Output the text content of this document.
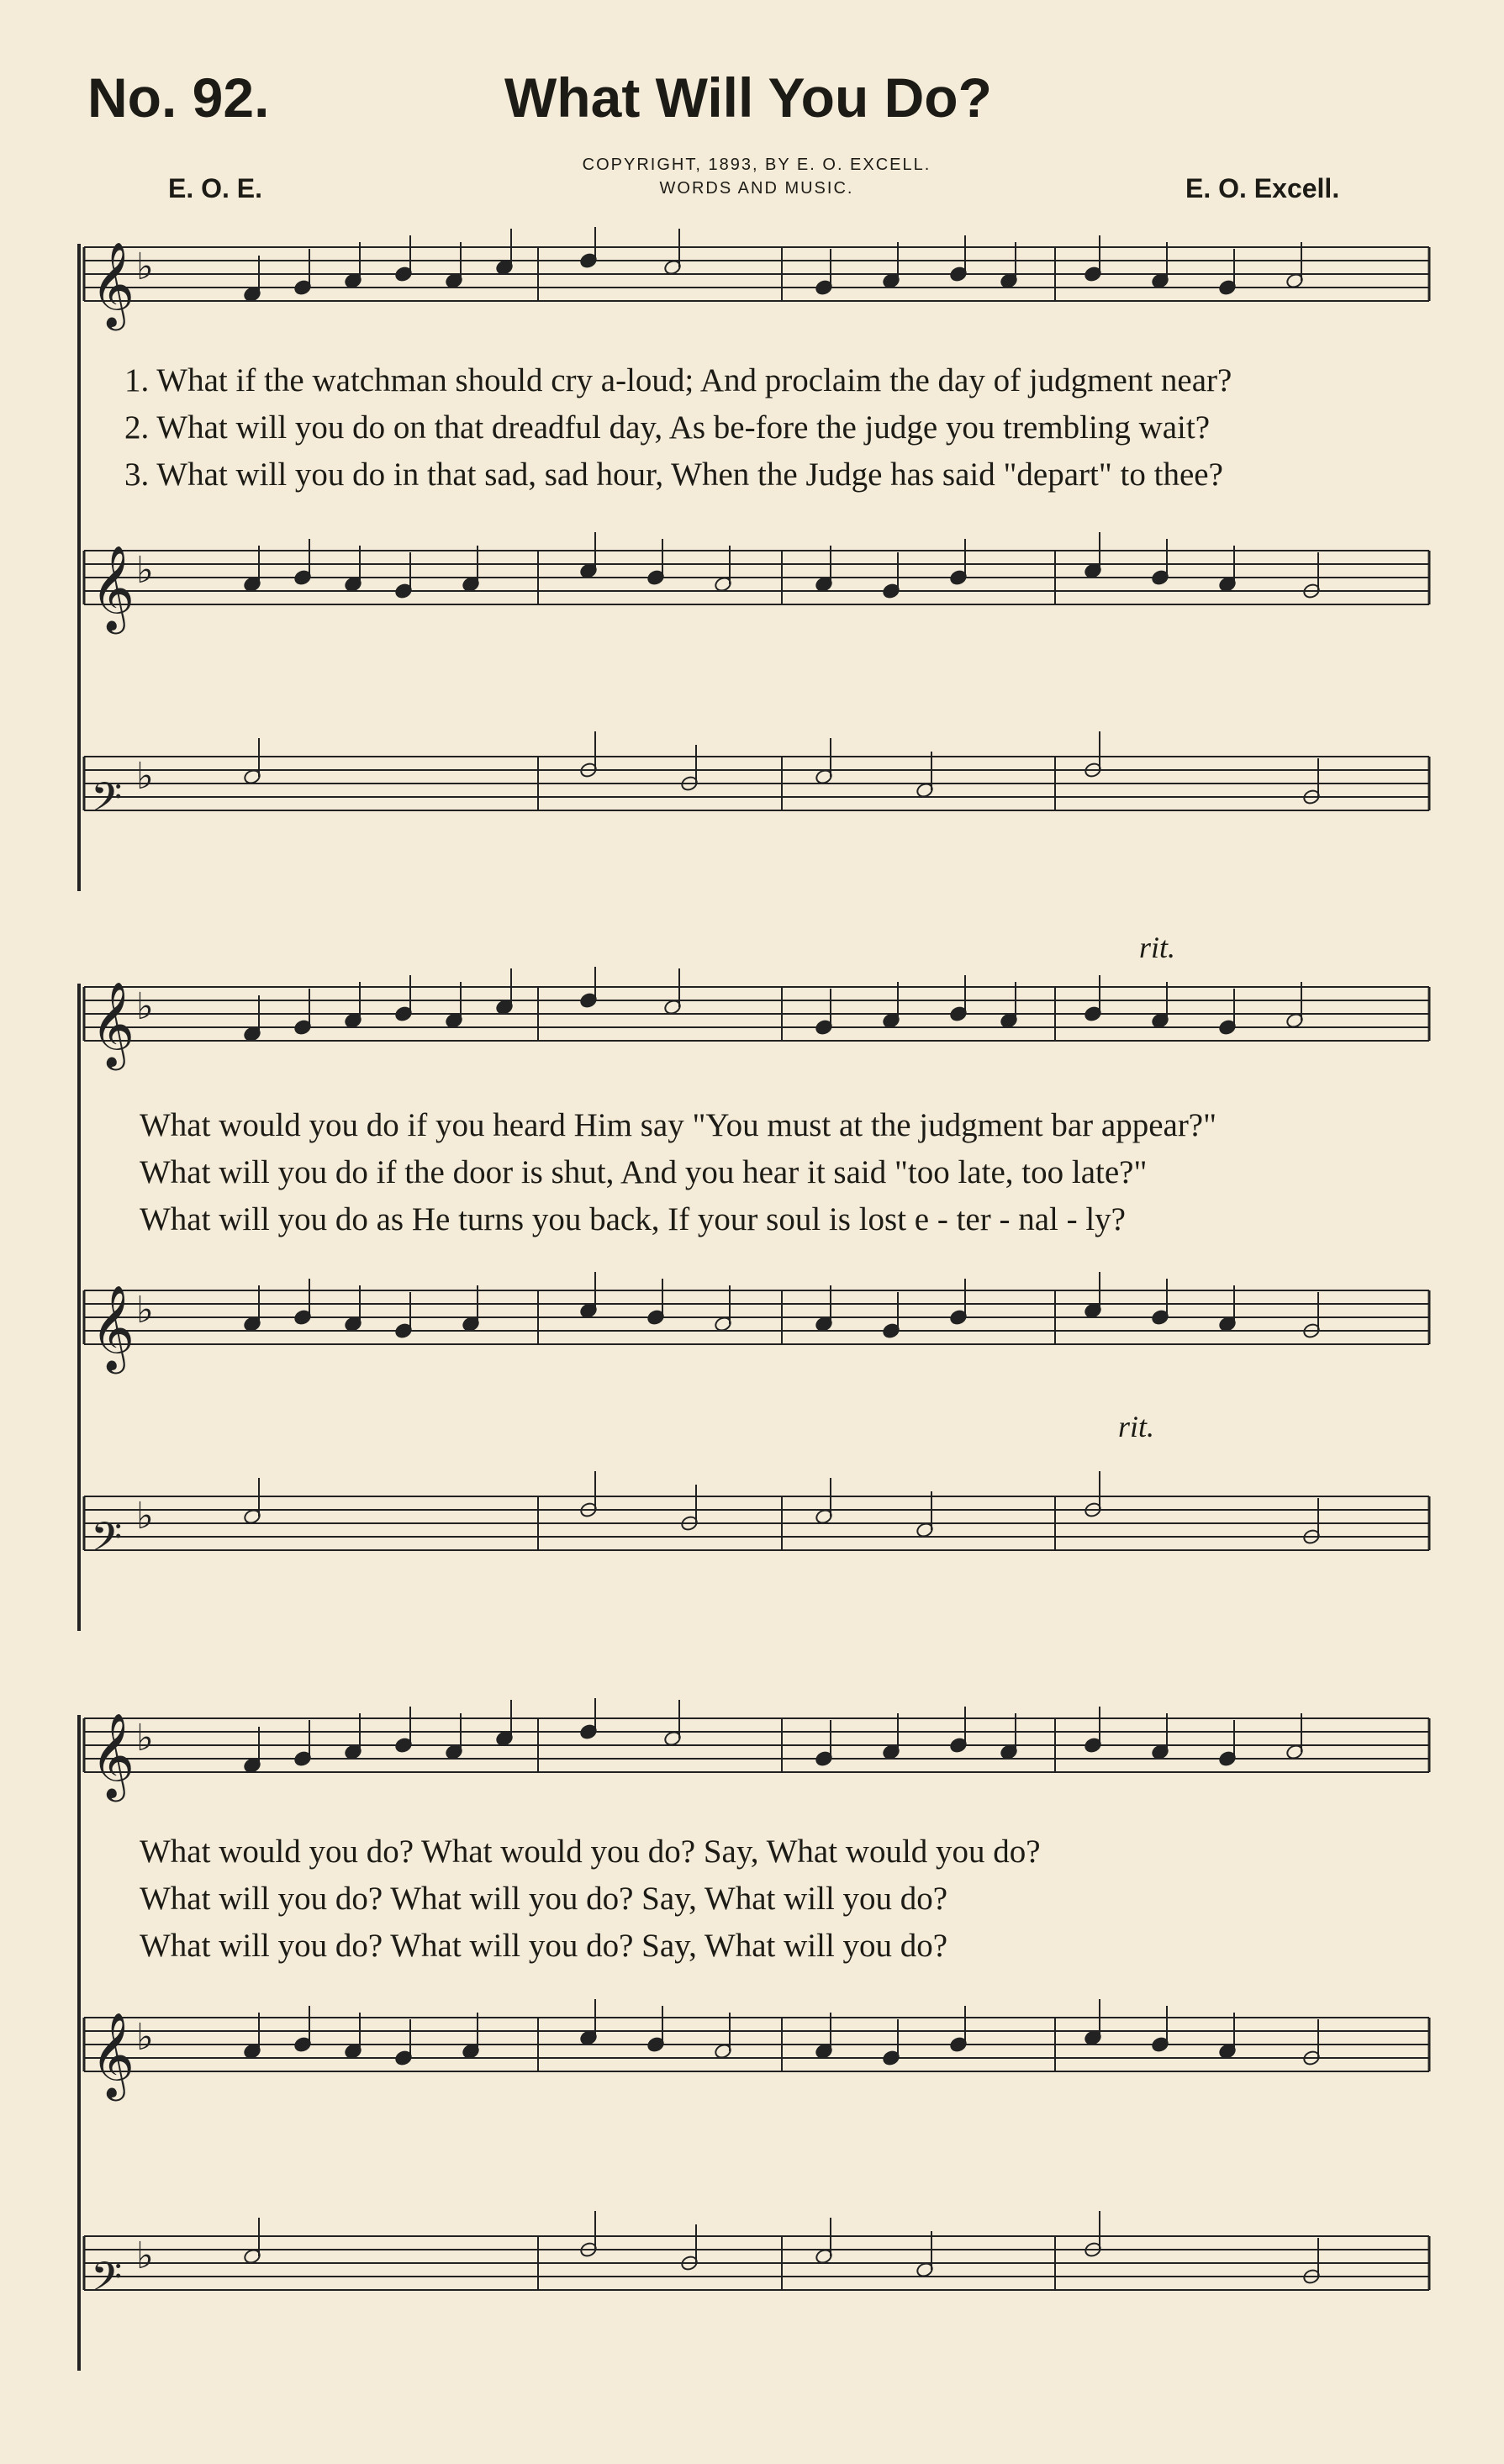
No. 92.	What Will You Do?
COPYRIGHT, 1893, BY E. O. EXCELL.
WORDS AND MUSIC.
E. O. E.	E. O. Excell.
𝄞 ♭
1. What if the watchman should cry a-loud; And proclaim the day of judgment near?
2. What will you do on that dreadful day, As be-fore the judge you trembling wait?
3. What will you do in that sad, sad hour, When the Judge has said "depart" to thee?
𝄞 ♭
𝄢 ♭
rit.
𝄞 ♭
What would you do if you heard Him say "You must at the judgment bar appear?"
What will you do if the door is shut, And you hear it said "too late, too late?"
What will you do as He turns you back, If your soul is lost e - ter - nal - ly?
𝄞 ♭
rit.
𝄢 ♭
𝄞 ♭
What would you do? What would you do? Say, What would you do?
What will you do? What will you do? Say, What will you do?
What will you do? What will you do? Say, What will you do?
𝄞 ♭
𝄢 ♭
